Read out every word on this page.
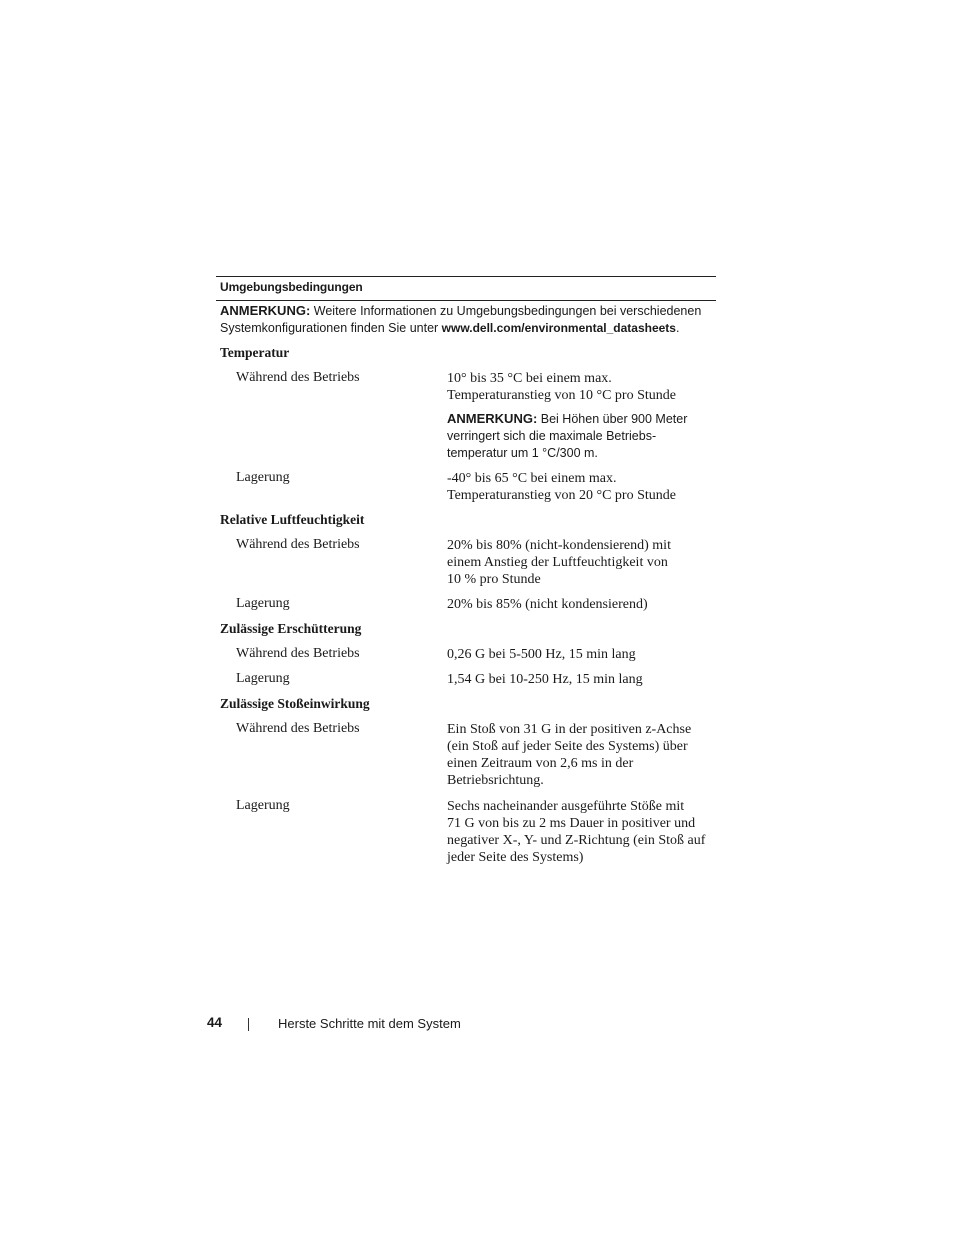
Umgebungsbedingungen
ANMERKUNG: Weitere Informationen zu Umgebungsbedingungen bei verschiedenen
Systemkonfigurationen finden Sie unter www.dell.com/environmental_datasheets.
Temperatur
Während des Betriebs	10° bis 35 °C bei einem max.
Temperaturanstieg von 10 °C pro Stunde
ANMERKUNG: Bei Höhen über 900 Meter
verringert sich die maximale Betriebs-
temperatur um 1 °C/300 m.
Lagerung	-40° bis 65 °C bei einem max.
Temperaturanstieg von 20 °C pro Stunde
Relative Luftfeuchtigkeit
Während des Betriebs	20% bis 80% (nicht-kondensierend) mit
einem Anstieg der Luftfeuchtigkeit von
10 % pro Stunde
Lagerung	20% bis 85% (nicht kondensierend)
Zulässige Erschütterung
Während des Betriebs	0,26 G bei 5-500 Hz, 15 min lang
Lagerung	1,54 G bei 10-250 Hz, 15 min lang
Zulässige Stoßeinwirkung
Während des Betriebs	Ein Stoß von 31 G in der positiven z-Achse
(ein Stoß auf jeder Seite des Systems) über
einen Zeitraum von 2,6 ms in der
Betriebsrichtung.
Lagerung	Sechs nacheinander ausgeführte Stöße mit
71 G von bis zu 2 ms Dauer in positiver und
negativer X-, Y- und Z-Richtung (ein Stoß auf
jeder Seite des Systems)
44	Herste Schritte mit dem System
